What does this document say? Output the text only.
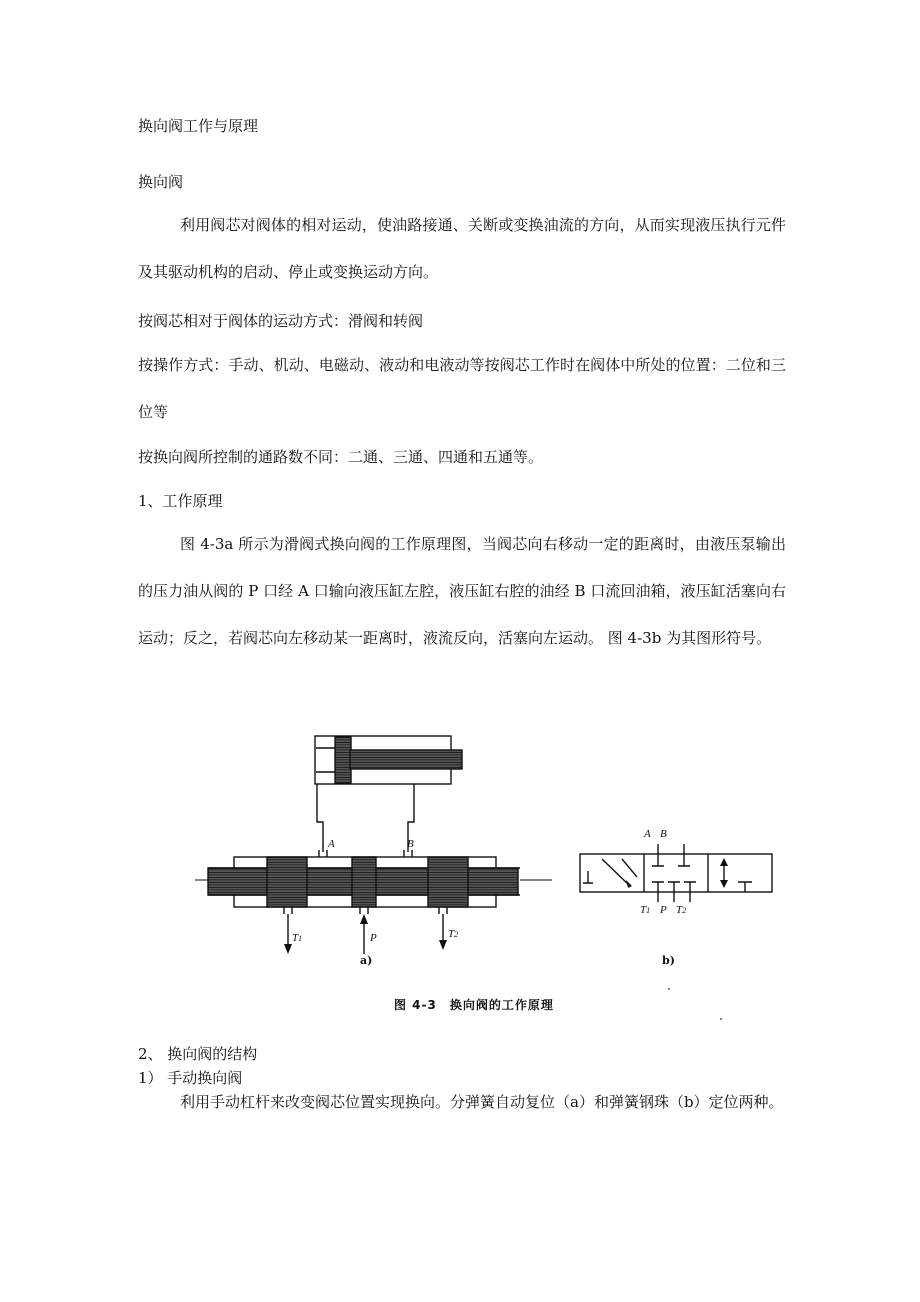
换向阀工作与原理

换向阀

利用阀芯对阀体的相对运动，使油路接通、关断或变换油流的方向，从而实现液压执行元件及其驱动机构的启动、停止或变换运动方向。

按阀芯相对于阀体的运动方式：滑阀和转阀

按操作方式：手动、机动、电磁动、液动和电液动等按阀芯工作时在阀体中所处的位置：二位和三位等

按换向阀所控制的通路数不同：二通、三通、四通和五通等。

1、工作原理

图 4-3a 所示为滑阀式换向阀的工作原理图，当阀芯向右移动一定的距离时，由液压泵输出的压力油从阀的 P 口经 A 口输向液压缸左腔，液压缸右腔的油经 B 口流回油箱，液压缸活塞向右运动；反之，若阀芯向左移动某一距离时，液流反向，活塞向左运动。 图 4-3b 为其图形符号。

A	B
T1	P	T2
a)
A B
T1 P T2
b)
图 4-3　换向阀的工作原理

2、 换向阀的结构

1） 手动换向阀

利用手动杠杆来改变阀芯位置实现换向。分弹簧自动复位（a）和弹簧钢珠（b）定位两种。
